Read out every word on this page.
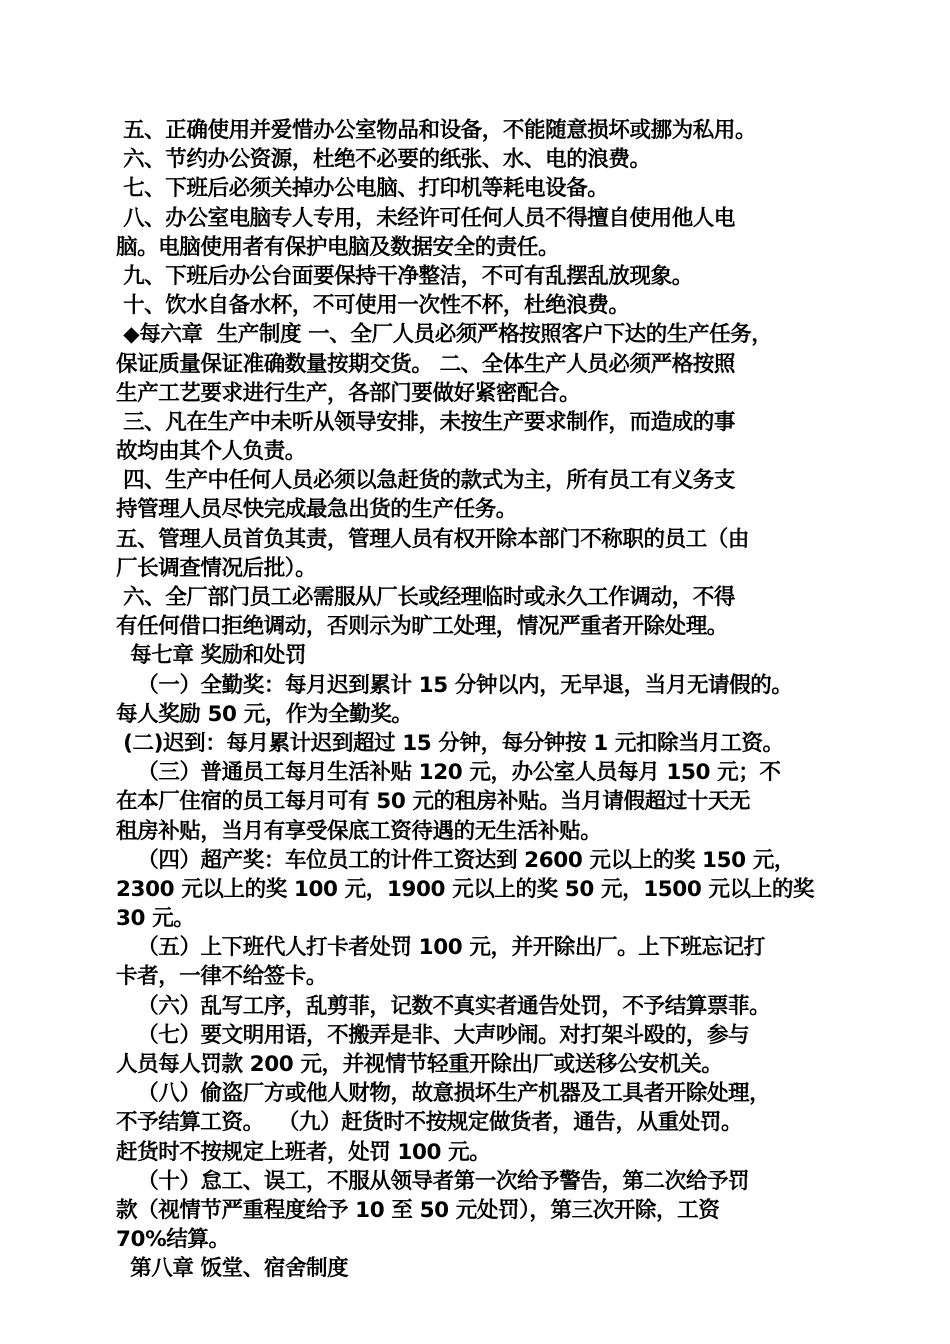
五、正确使用并爱惜办公室物品和设备，不能随意损坏或挪为私用。
六、节约办公资源，杜绝不必要的纸张、水、电的浪费。
七、下班后必须关掉办公电脑、打印机等耗电设备。
八、办公室电脑专人专用，未经许可任何人员不得擅自使用他人电
脑。电脑使用者有保护电脑及数据安全的责任。
九、下班后办公台面要保持干净整洁，不可有乱摆乱放现象。
十、饮水自备水杯，不可使用一次性不杯，杜绝浪费。
◆每六章  生产制度 一、全厂人员必须严格按照客户下达的生产任务，
保证质量保证准确数量按期交货。 二、全体生产人员必须严格按照
生产工艺要求进行生产，各部门要做好紧密配合。
三、凡在生产中未听从领导安排，未按生产要求制作，而造成的事
故均由其个人负责。
四、生产中任何人员必须以急赶货的款式为主，所有员工有义务支
持管理人员尽快完成最急出货的生产任务。
五、管理人员首负其责，管理人员有权开除本部门不称职的员工（由
厂长调查情况后批）。
六、全厂部门员工必需服从厂长或经理临时或永久工作调动，不得
有任何借口拒绝调动，否则示为旷工处理，情况严重者开除处理。
每七章 奖励和处罚
（一）全勤奖：每月迟到累计 15 分钟以内，无早退，当月无请假的。
每人奖励 50 元，作为全勤奖。
(二)迟到：每月累计迟到超过 15 分钟，每分钟按 1 元扣除当月工资。
（三）普通员工每月生活补贴 120 元，办公室人员每月 150 元；不
在本厂住宿的员工每月可有 50 元的租房补贴。当月请假超过十天无
租房补贴，当月有享受保底工资待遇的无生活补贴。
（四）超产奖：车位员工的计件工资达到 2600 元以上的奖 150 元，
2300 元以上的奖 100 元，1900 元以上的奖 50 元，1500 元以上的奖
30 元。
（五）上下班代人打卡者处罚 100 元，并开除出厂。上下班忘记打
卡者，一律不给签卡。
（六）乱写工序，乱剪菲，记数不真实者通告处罚，不予结算票菲。
（七）要文明用语，不搬弄是非、大声吵闹。对打架斗殴的，参与
人员每人罚款 200 元，并视情节轻重开除出厂或送移公安机关。
（八）偷盗厂方或他人财物，故意损坏生产机器及工具者开除处理，
不予结算工资。  （九）赶货时不按规定做货者，通告，从重处罚。
赶货时不按规定上班者，处罚 100 元。
（十）怠工、误工，不服从领导者第一次给予警告，第二次给予罚
款（视情节严重程度给予 10 至 50 元处罚），第三次开除，工资
70%结算。
第八章 饭堂、宿舍制度
